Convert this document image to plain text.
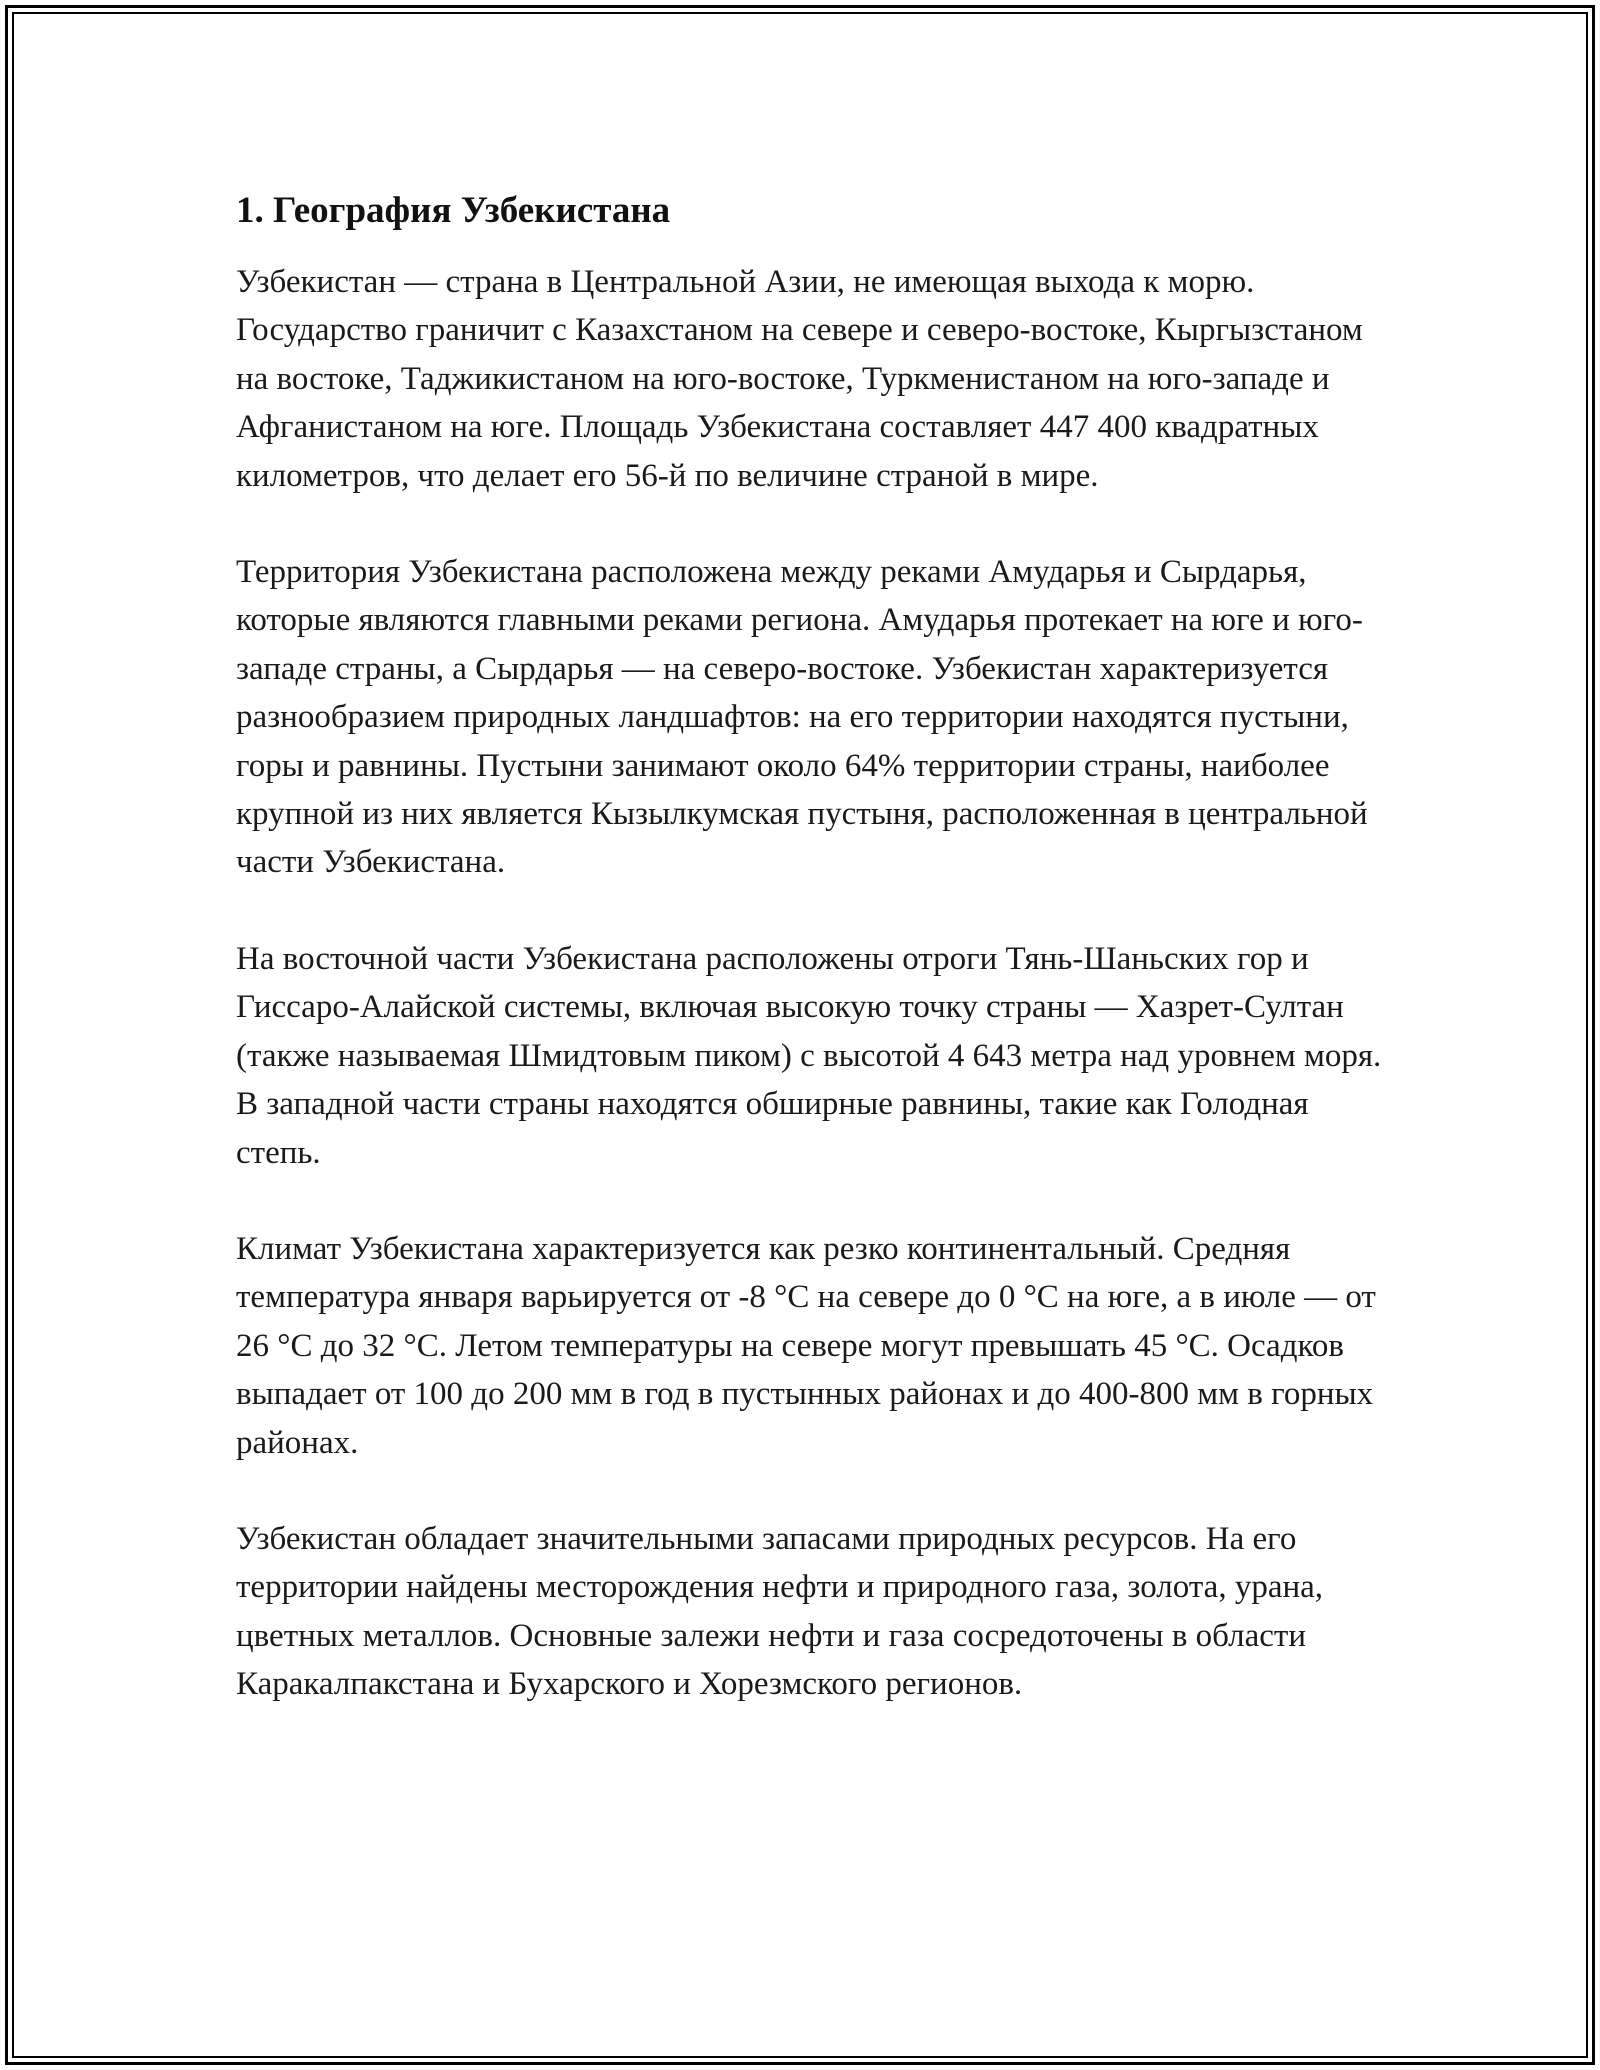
1. География Узбекистана

Узбекистан — страна в Центральной Азии, не имеющая выхода к морю. Государство граничит с Казахстаном на севере и северо-востоке, Кыргызстаном на востоке, Таджикистаном на юго-востоке, Туркменистаном на юго-западе и Афганистаном на юге. Площадь Узбекистана составляет 447 400 квадратных километров, что делает его 56-й по величине страной в мире.

Территория Узбекистана расположена между реками Амударья и Сырдарья, которые являются главными реками региона. Амударья протекает на юге и юго-западе страны, а Сырдарья — на северо-востоке. Узбекистан характеризуется разнообразием природных ландшафтов: на его территории находятся пустыни, горы и равнины. Пустыни занимают около 64% территории страны, наиболее крупной из них является Кызылкумская пустыня, расположенная в центральной части Узбекистана.

На восточной части Узбекистана расположены отроги Тянь-Шаньских гор и Гиссаро-Алайской системы, включая высокую точку страны — Хазрет-Султан (также называемая Шмидтовым пиком) с высотой 4 643 метра над уровнем моря. В западной части страны находятся обширные равнины, такие как Голодная степь.

Климат Узбекистана характеризуется как резко континентальный. Средняя температура января варьируется от -8 °C на севере до 0 °C на юге, а в июле — от 26 °C до 32 °C. Летом температуры на севере могут превышать 45 °C. Осадков выпадает от 100 до 200 мм в год в пустынных районах и до 400-800 мм в горных районах.

Узбекистан обладает значительными запасами природных ресурсов. На его территории найдены месторождения нефти и природного газа, золота, урана, цветных металлов. Основные залежи нефти и газа сосредоточены в области Каракалпакстана и Бухарского и Хорезмского регионов.
